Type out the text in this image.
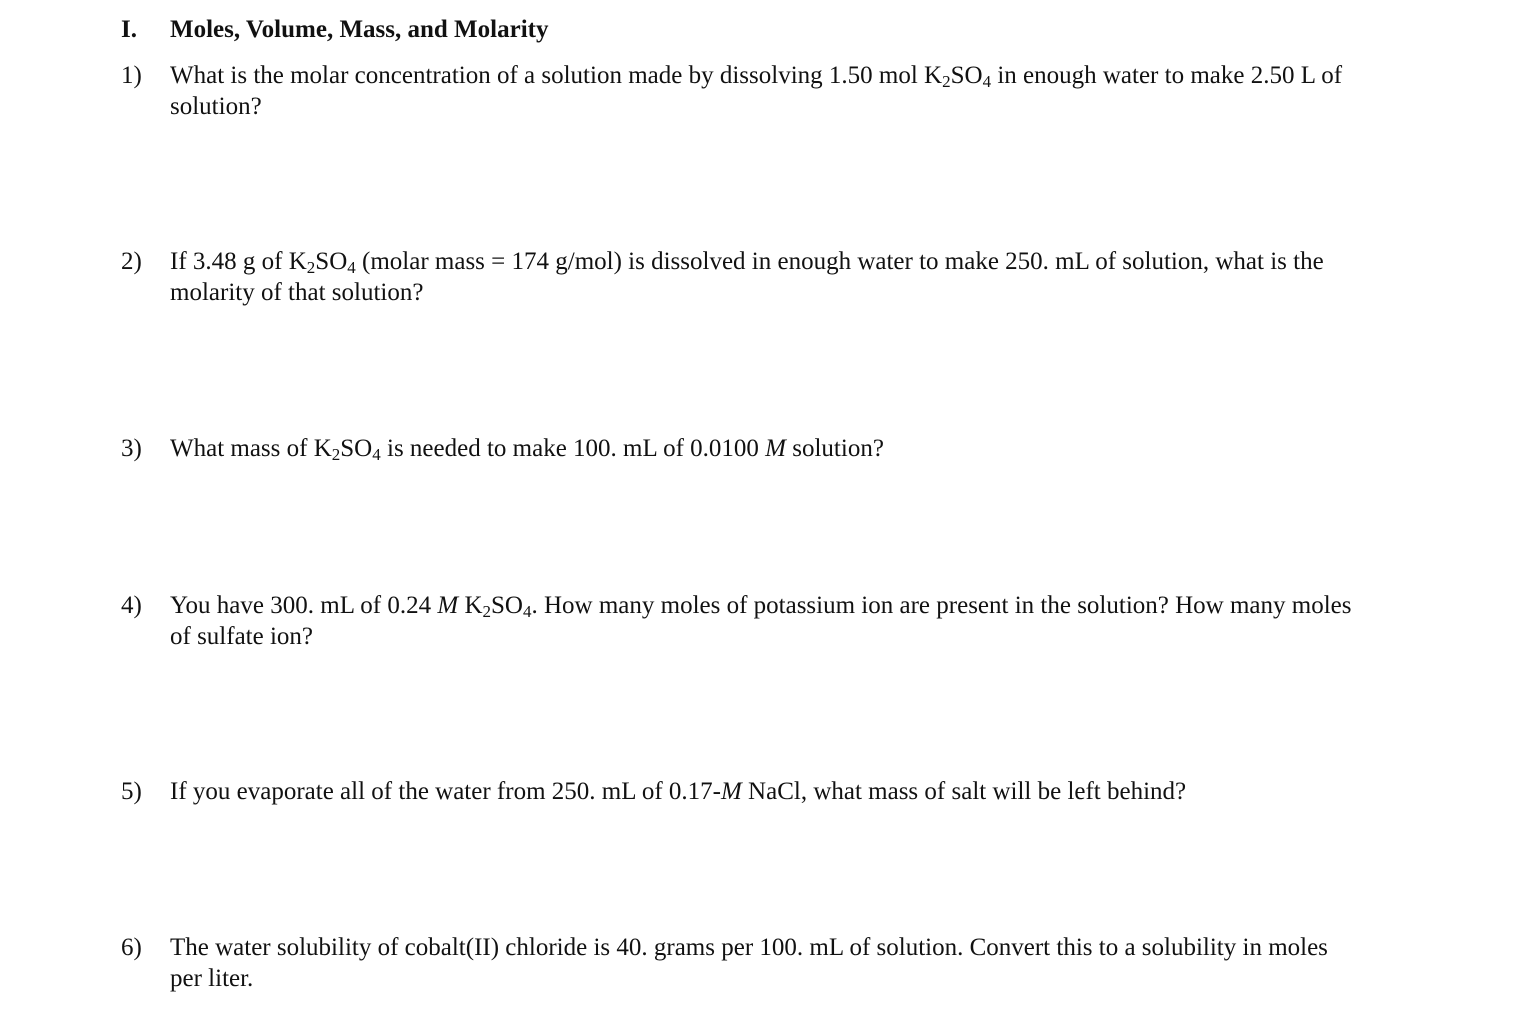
I. Moles, Volume, Mass, and Molarity
1) What is the molar concentration of a solution made by dissolving 1.50 mol K2SO4 in enough water to make 2.50 L of solution?
2) If 3.48 g of K2SO4 (molar mass = 174 g/mol) is dissolved in enough water to make 250. mL of solution, what is the molarity of that solution?
3) What mass of K2SO4 is needed to make 100. mL of 0.0100 M solution?
4) You have 300. mL of 0.24 M K2SO4. How many moles of potassium ion are present in the solution? How many moles of sulfate ion?
5) If you evaporate all of the water from 250. mL of 0.17-M NaCl, what mass of salt will be left behind?
6) The water solubility of cobalt(II) chloride is 40. grams per 100. mL of solution. Convert this to a solubility in moles per liter.
